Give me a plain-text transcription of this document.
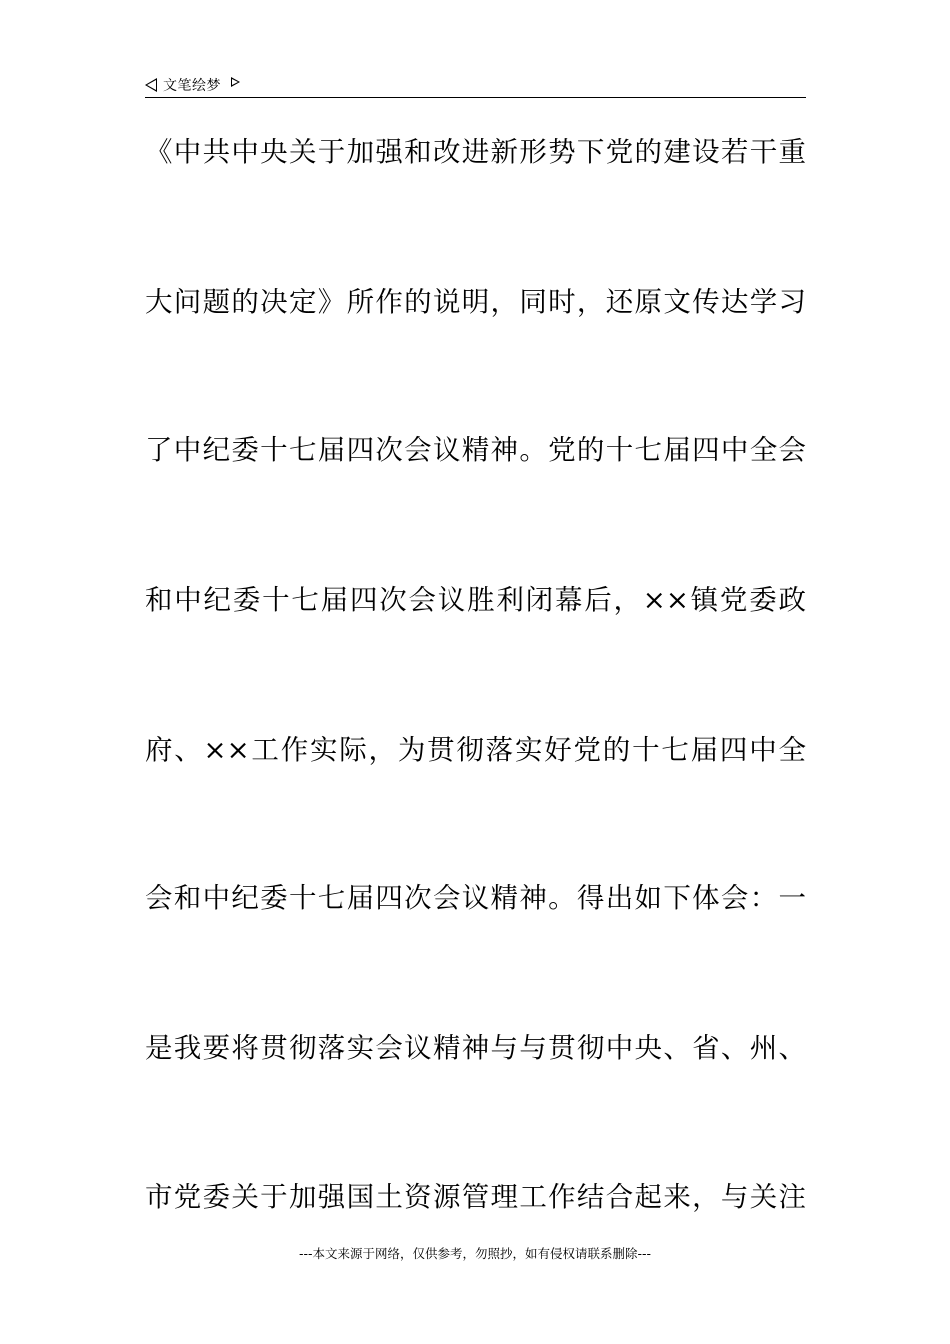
文笔绘梦
《中共中央关于加强和改进新形势下党的建设若干重
大问题的决定》所作的说明，同时，还原文传达学习
了中纪委十七届四次会议精神。党的十七届四中全会
和中纪委十七届四次会议胜利闭幕后，××镇党委政
府、××工作实际，为贯彻落实好党的十七届四中全
会和中纪委十七届四次会议精神。得出如下体会：一
是我要将贯彻落实会议精神与与贯彻中央、省、州、
市党委关于加强国土资源管理工作结合起来，与关注
---本文来源于网络，仅供参考，勿照抄，如有侵权请联系删除---
